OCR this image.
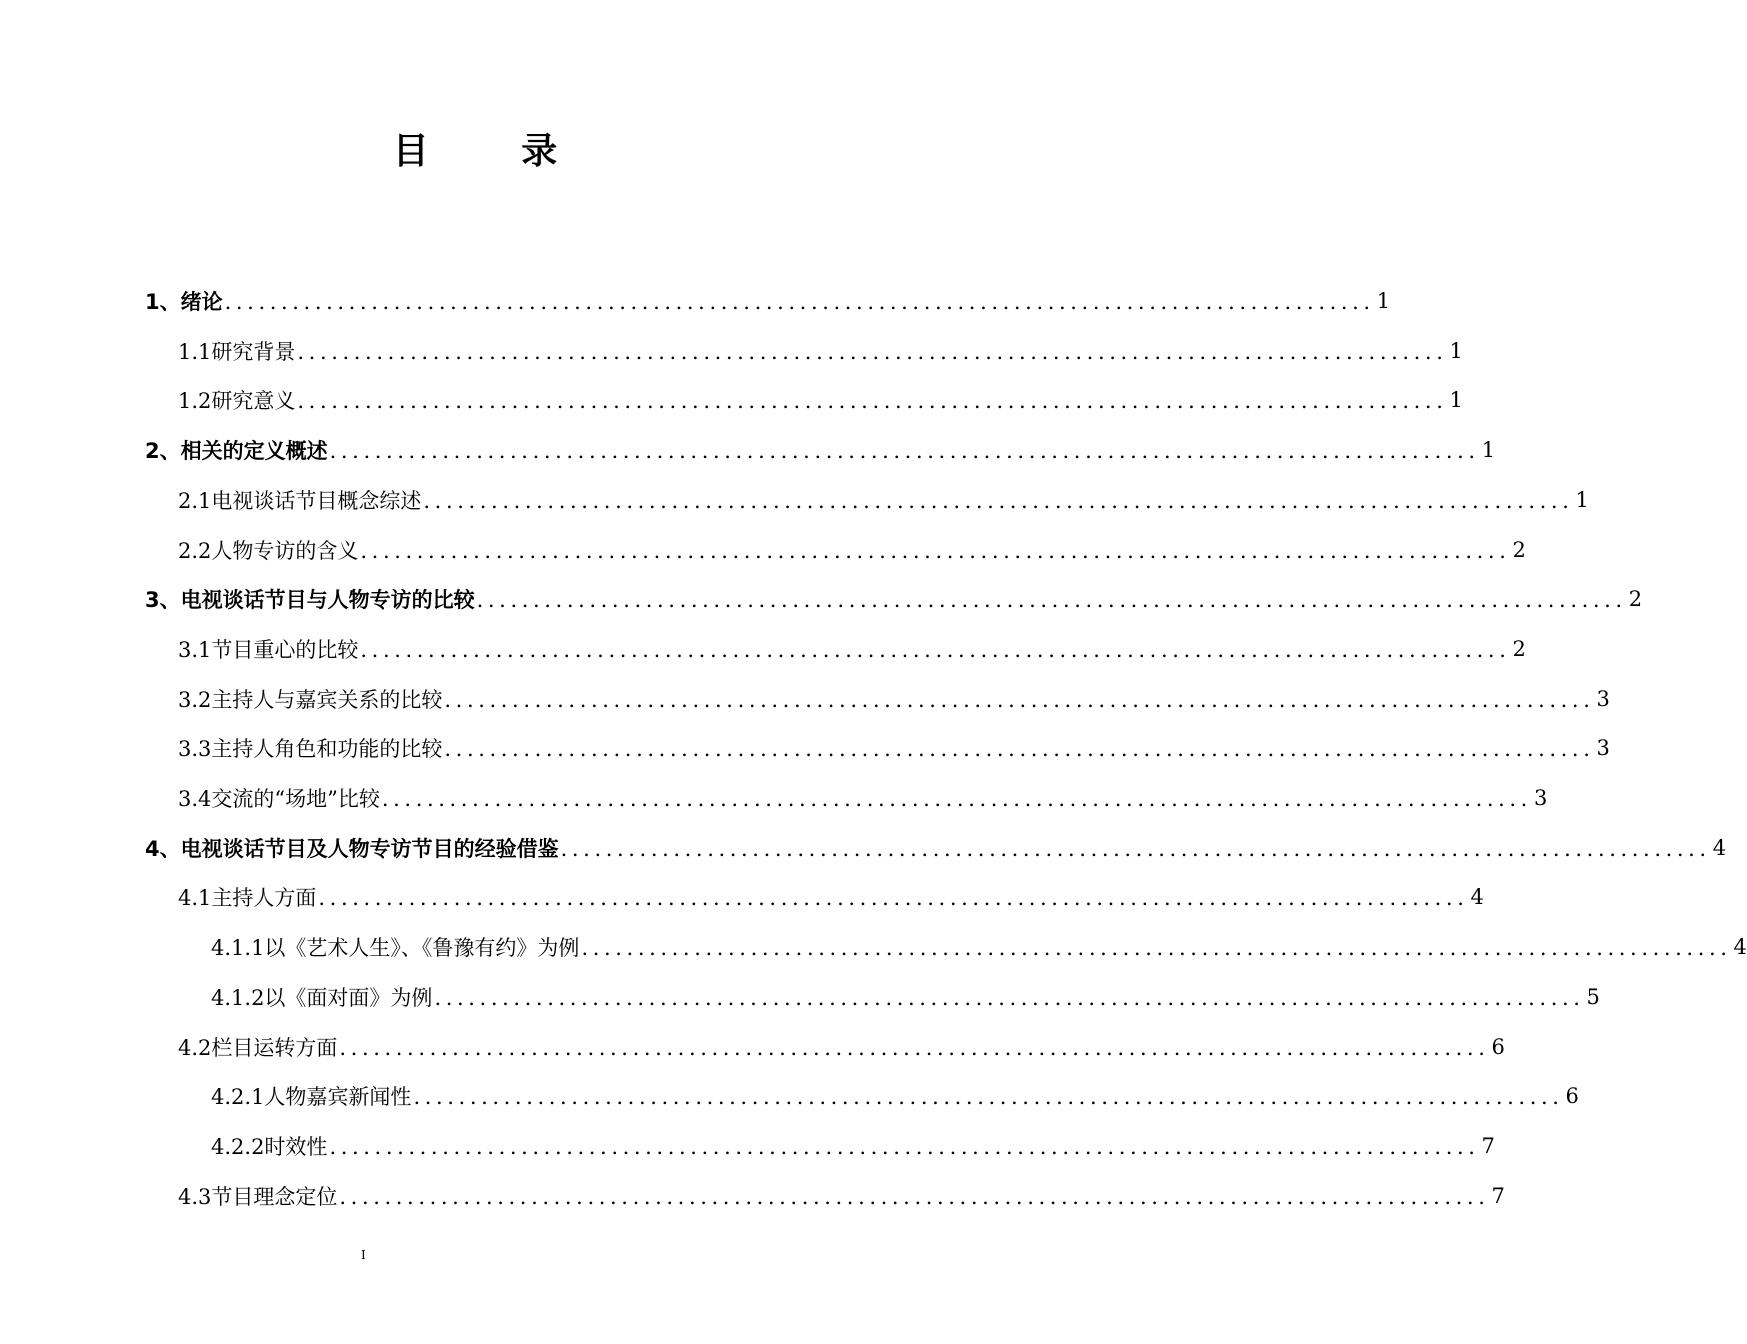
目 录
1、绪论 ...................................................................................................... 1
1.1研究背景 ...................................................................................................... 1
1.2研究意义 ...................................................................................................... 1
2、相关的定义概述 ...................................................................................................... 1
2.1电视谈话节目概念综述 ...................................................................................................... 1
2.2人物专访的含义 ...................................................................................................... 2
3、电视谈话节目与人物专访的比较 ...................................................................................................... 2
3.1节目重心的比较 ...................................................................................................... 2
3.2主持人与嘉宾关系的比较 ...................................................................................................... 3
3.3主持人角色和功能的比较 ...................................................................................................... 3
3.4交流的“场地”比较 ...................................................................................................... 3
4、电视谈话节目及人物专访节目的经验借鉴 ...................................................................................................... 4
4.1主持人方面 ...................................................................................................... 4
4.1.1以《艺术人生》、《鲁豫有约》为例 ...................................................................................................... 4
4.1.2以《面对面》为例 ...................................................................................................... 5
4.2栏目运转方面 ...................................................................................................... 6
4.2.1人物嘉宾新闻性 ...................................................................................................... 6
4.2.2时效性 ...................................................................................................... 7
4.3节目理念定位 ...................................................................................................... 7
I
